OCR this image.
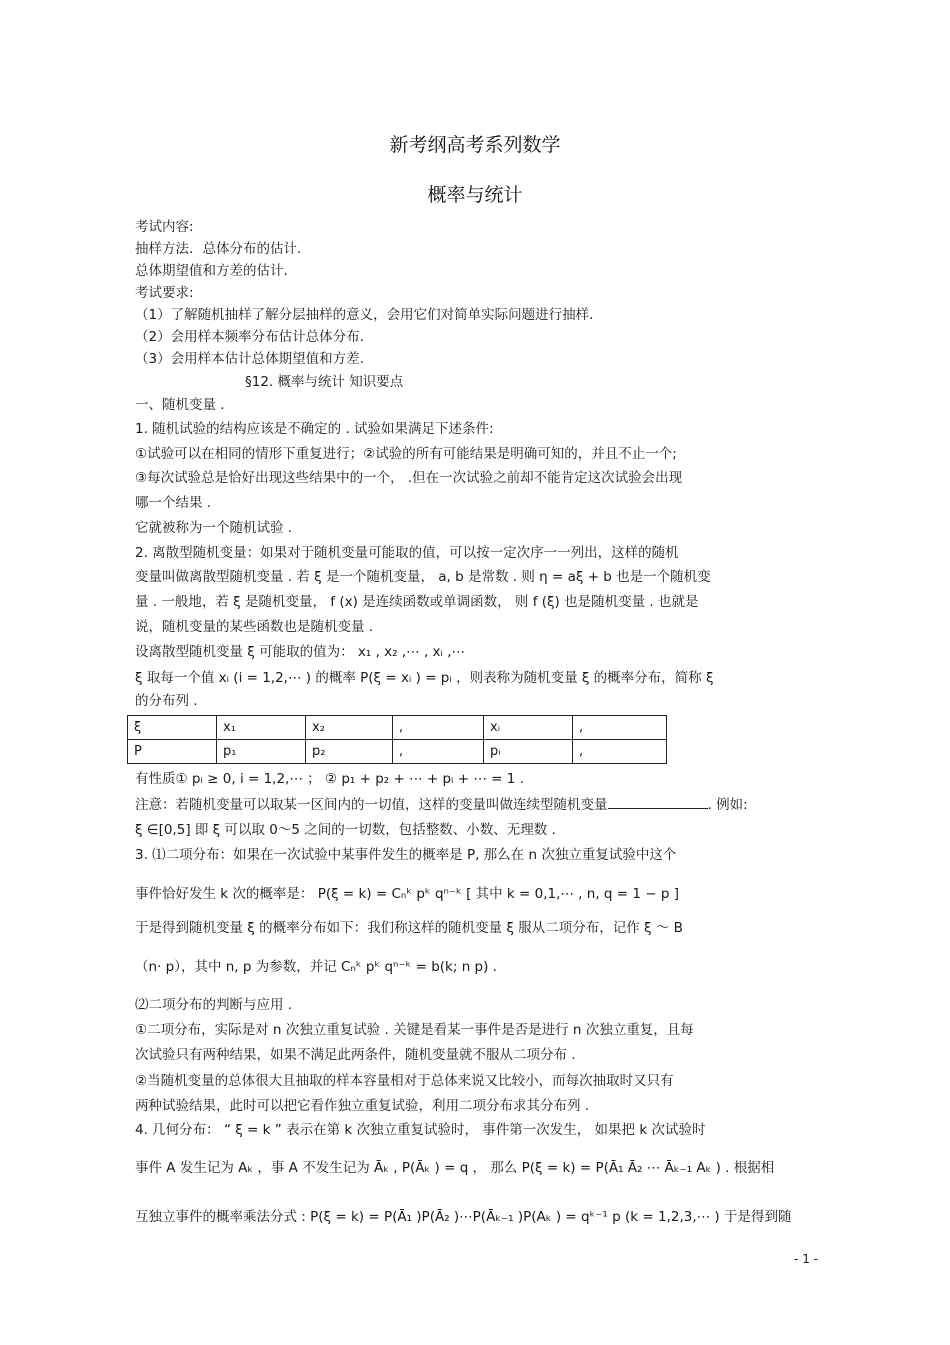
新考纲高考系列数学
概率与统计
考试内容:
抽样方法．总体分布的估计.
总体期望值和方差的估计.
考试要求:
（1）了解随机抽样了解分层抽样的意义，会用它们对简单实际问题进行抽样.
（2）会用样本频率分布估计总体分布.
（3）会用样本估计总体期望值和方差.
§12. 概率与统计 知识要点
一、随机变量 .
1. 随机试验的结构应该是不确定的 . 试验如果满足下述条件:
①试验可以在相同的情形下重复进行；②试验的所有可能结果是明确可知的，并且不止一个;
③每次试验总是恰好出现这些结果中的一个， .但在一次试验之前却不能肯定这次试验会出现
哪一个结果 .
它就被称为一个随机试验 .
2. 离散型随机变量：如果对于随机变量可能取的值，可以按一定次序一一列出，这样的随机
变量叫做离散型随机变量 . 若 ξ 是一个随机变量， a, b 是常数 . 则 η = aξ + b 也是一个随机变
量 . 一般地，若 ξ 是随机变量， f (x) 是连续函数或单调函数， 则 f (ξ) 也是随机变量 . 也就是
说，随机变量的某些函数也是随机变量 .
设离散型随机变量 ξ 可能取的值为： x₁ , x₂ ,⋯ , xᵢ ,⋯
ξ 取每一个值 xᵢ (i = 1,2,⋯ ) 的概率 P(ξ = xᵢ ) = pᵢ ，则表称为随机变量 ξ 的概率分布，简称 ξ
的分布列 .
ξ	x₁	x₂	,	xᵢ	,
P	p₁	p₂	,	pᵢ	,
有性质① pᵢ ≥ 0, i = 1,2,⋯ ； ② p₁ + p₂ + ⋯ + pᵢ + ⋯ = 1 .
注意：若随机变量可以取某一区间内的一切值，这样的变量叫做连续型随机变量	. 例如:
ξ ∈[0,5] 即 ξ 可以取 0～5 之间的一切数，包括整数、小数、无理数 .
3. ⑴二项分布：如果在一次试验中某事件发生的概率是 P, 那么在 n 次独立重复试验中这个
事件恰好发生 k 次的概率是： P(ξ = k) = Cₙᵏ pᵏ qⁿ⁻ᵏ [ 其中 k = 0,1,⋯ , n, q = 1 − p ]
于是得到随机变量 ξ 的概率分布如下：我们称这样的随机变量 ξ 服从二项分布，记作 ξ ～ B
（n· p），其中 n, p 为参数，并记 Cₙᵏ pᵏ qⁿ⁻ᵏ = b(k; n p) .
⑵二项分布的判断与应用 .
①二项分布，实际是对 n 次独立重复试验 . 关键是看某一事件是否是进行 n 次独立重复，且每
次试验只有两种结果，如果不满足此两条件，随机变量就不服从二项分布 .
②当随机变量的总体很大且抽取的样本容量相对于总体来说又比较小，而每次抽取时又只有
两种试验结果，此时可以把它看作独立重复试验，利用二项分布求其分布列 .
4. 几何分布： “ ξ = k ” 表示在第 k 次独立重复试验时， 事件第一次发生， 如果把 k 次试验时
事件 A 发生记为 Aₖ ，事 A 不发生记为 Āₖ , P(Āₖ ) = q ， 那么 P(ξ = k) = P(Ā₁ Ā₂ ⋯ Āₖ₋₁ Aₖ ) . 根据相
互独立事件的概率乘法分式 : P(ξ = k) = P(Ā₁ )P(Ā₂ )⋯P(Āₖ₋₁ )P(Aₖ ) = qᵏ⁻¹ p (k = 1,2,3,⋯ ) 于是得到随
- 1 -
